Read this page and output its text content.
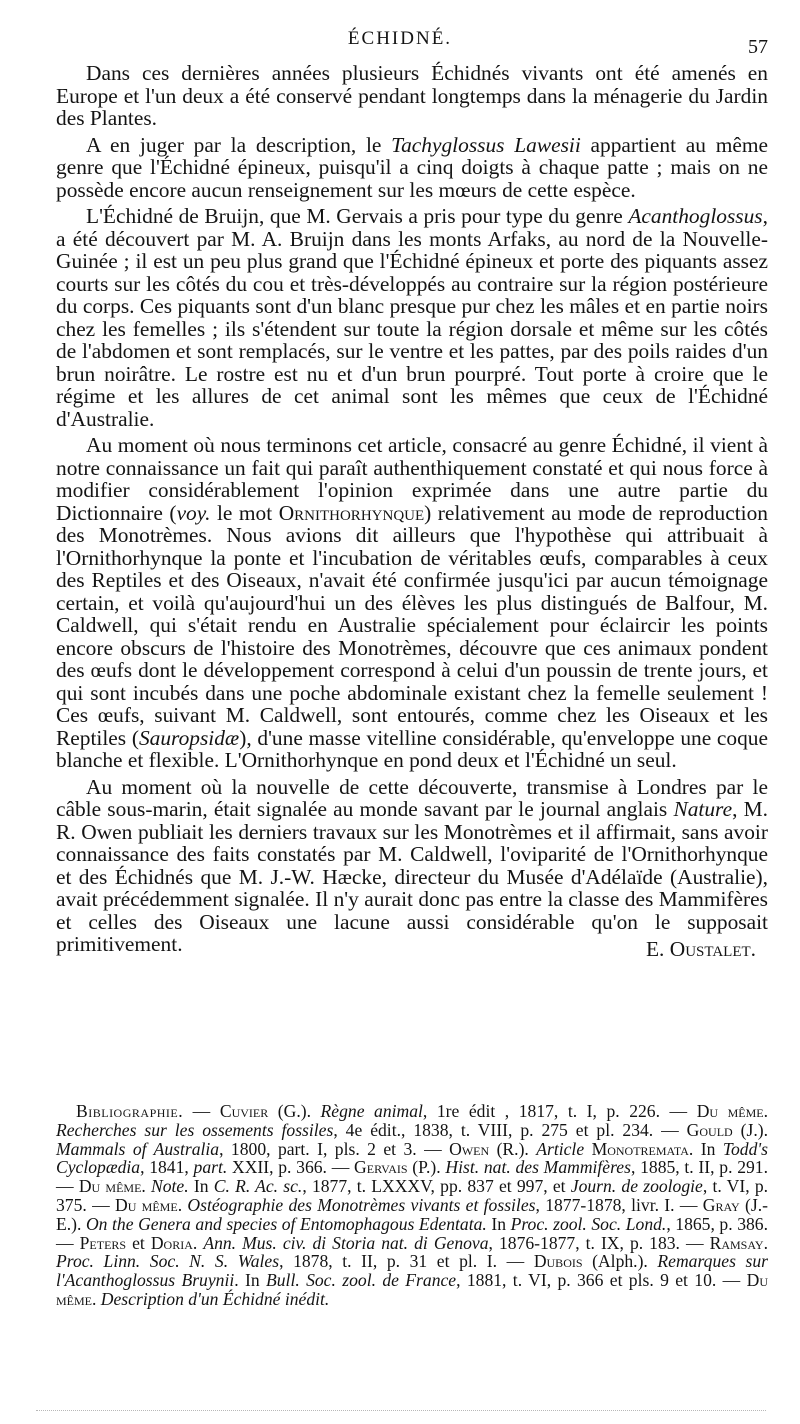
ÉCHIDNÉ.	57

Dans ces dernières années plusieurs Échidnés vivants ont été amenés en Europe et l'un deux a été conservé pendant longtemps dans la ménagerie du Jardin des Plantes.

A en juger par la description, le Tachyglossus Lawesii appartient au même genre que l'Échidné épineux, puisqu'il a cinq doigts à chaque patte ; mais on ne possède encore aucun renseignement sur les mœurs de cette espèce.

L'Échidné de Bruijn, que M. Gervais a pris pour type du genre Acanthoglossus, a été découvert par M. A. Bruijn dans les monts Arfaks, au nord de la Nouvelle-Guinée ; il est un peu plus grand que l'Échidné épineux et porte des piquants assez courts sur les côtés du cou et très-développés au contraire sur la région postérieure du corps. Ces piquants sont d'un blanc presque pur chez les mâles et en partie noirs chez les femelles ; ils s'étendent sur toute la région dorsale et même sur les côtés de l'abdomen et sont remplacés, sur le ventre et les pattes, par des poils raides d'un brun noirâtre. Le rostre est nu et d'un brun pourpré. Tout porte à croire que le régime et les allures de cet animal sont les mêmes que ceux de l'Échidné d'Australie.

Au moment où nous terminons cet article, consacré au genre Échidné, il vient à notre connaissance un fait qui paraît authenthiquement constaté et qui nous force à modifier considérablement l'opinion exprimée dans une autre partie du Dictionnaire (voy. le mot Ornithorhynque) relativement au mode de reproduction des Monotrèmes. Nous avions dit ailleurs que l'hypothèse qui attribuait à l'Ornithorhynque la ponte et l'incubation de véritables œufs, comparables à ceux des Reptiles et des Oiseaux, n'avait été confirmée jusqu'ici par aucun témoignage certain, et voilà qu'aujourd'hui un des élèves les plus distingués de Balfour, M. Caldwell, qui s'était rendu en Australie spécialement pour éclaircir les points encore obscurs de l'histoire des Monotrèmes, découvre que ces animaux pondent des œufs dont le développement correspond à celui d'un poussin de trente jours, et qui sont incubés dans une poche abdominale existant chez la femelle seulement ! Ces œufs, suivant M. Caldwell, sont entourés, comme chez les Oiseaux et les Reptiles (Sauropsidæ), d'une masse vitelline considérable, qu'enveloppe une coque blanche et flexible. L'Ornithorhynque en pond deux et l'Échidné un seul.

Au moment où la nouvelle de cette découverte, transmise à Londres par le câble sous-marin, était signalée au monde savant par le journal anglais Nature, M. R. Owen publiait les derniers travaux sur les Monotrèmes et il affirmait, sans avoir connaissance des faits constatés par M. Caldwell, l'oviparité de l'Ornithorhynque et des Échidnés que M. J.-W. Hæcke, directeur du Musée d'Adélaïde (Australie), avait précédemment signalée. Il n'y aurait donc pas entre la classe des Mammifères et celles des Oiseaux une lacune aussi considérable qu'on le supposait primitivement.	E. Oustalet.
Bibliographie. — Cuvier (G.). Règne animal, 1re édit , 1817, t. I, p. 226. — Du même. Recherches sur les ossements fossiles, 4e édit., 1838, t. VIII, p. 275 et pl. 234. — Gould (J.). Mammals of Australia, 1800, part. I, pls. 2 et 3. — Owen (R.). Article Monotremata. In Todd's Cyclopædia, 1841, part. XXII, p. 366. — Gervais (P.). Hist. nat. des Mammifères, 1885, t. II, p. 291. — Du même. Note. In C. R. Ac. sc., 1877, t. LXXXV, pp. 837 et 997, et Journ. de zoologie, t. VI, p. 375. — Du même. Ostéographie des Monotrèmes vivants et fossiles, 1877-1878, livr. I. — Gray (J.-E.). On the Genera and species of Entomophagous Edentata. In Proc. zool. Soc. Lond., 1865, p. 386. — Peters et Doria. Ann. Mus. civ. di Storia nat. di Genova, 1876-1877, t. IX, p. 183. — Ramsay. Proc. Linn. Soc. N. S. Wales, 1878, t. II, p. 31 et pl. I. — Dubois (Alph.). Remarques sur l'Acanthoglossus Bruynii. In Bull. Soc. zool. de France, 1881, t. VI, p. 366 et pls. 9 et 10. — Du même. Description d'un Échidné inédit.
